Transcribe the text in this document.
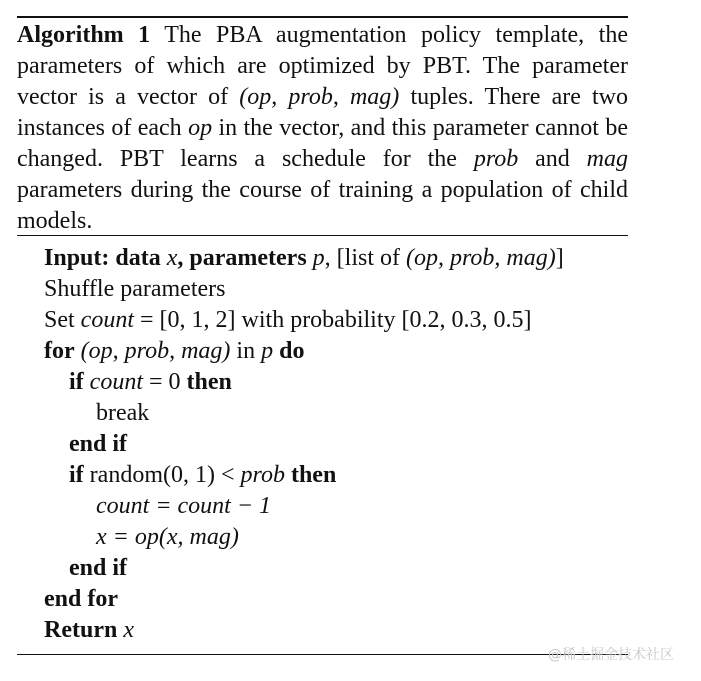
Algorithm 1 The PBA augmentation policy template, the parameters of which are optimized by PBT. The parameter vector is a vector of (op, prob, mag) tuples. There are two instances of each op in the vector, and this parameter cannot be changed. PBT learns a schedule for the prob and mag parameters during the course of training a population of child models.
Input: data x, parameters p, [list of (op, prob, mag)]
Shuffle parameters
Set count = [0, 1, 2] with probability [0.2, 0.3, 0.5]
for (op, prob, mag) in p do
if count = 0 then
break
end if
if random(0, 1) < prob then
count = count − 1
x = op(x, mag)
end if
end for
Return x
@稀土掘金技术社区
